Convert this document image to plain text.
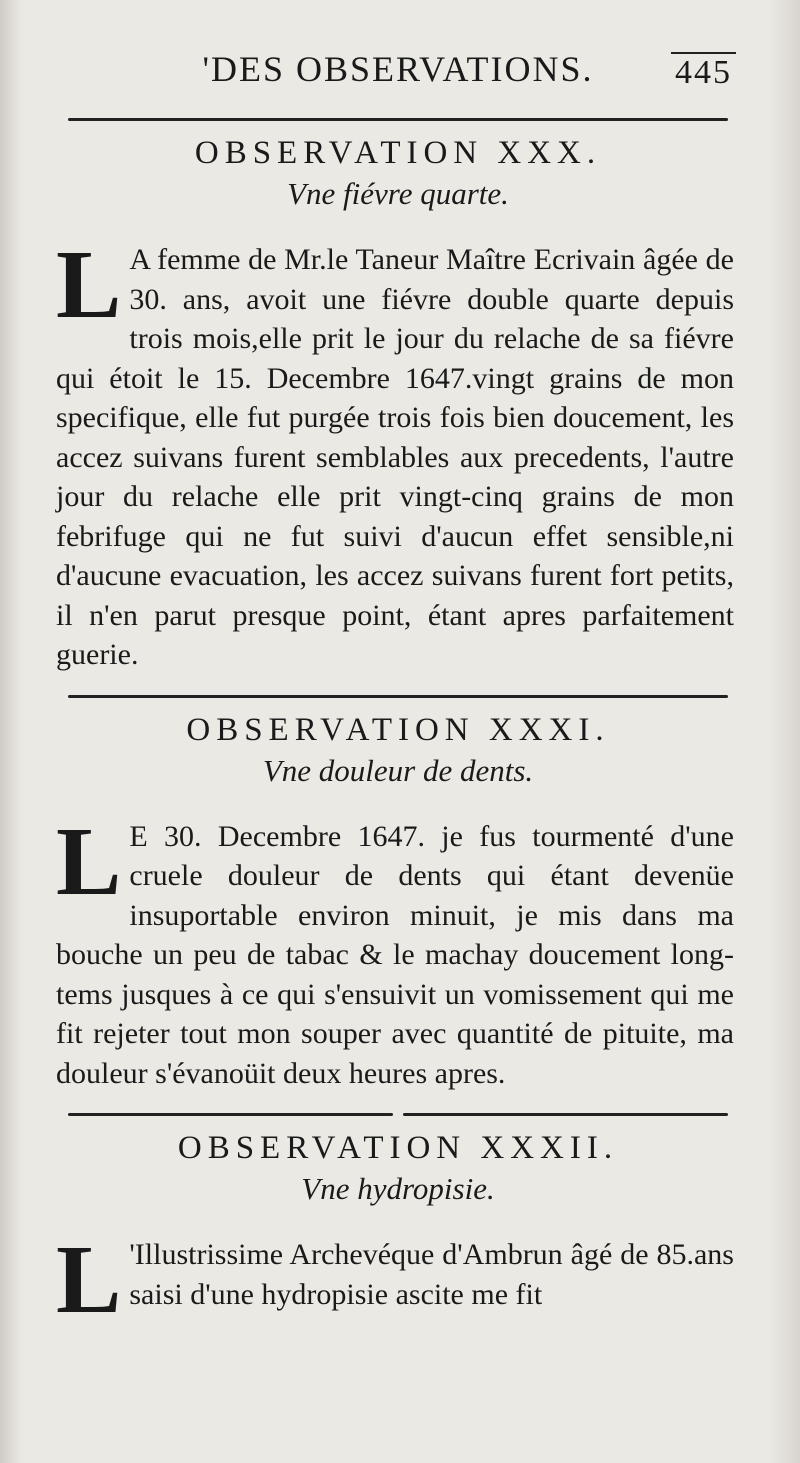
'DES OBSERVATIONS. 445
OBSERVATION XXX.
Vne fiévre quarte.

L A femme de Mr.le Taneur Maître Ecrivain âgée de 30. ans, avoit une fiévre double quarte depuis trois mois,elle prit le jour du relache de sa fiévre qui étoit le 15. Decembre 1647.vingt grains de mon specifique, elle fut purgée trois fois bien doucement, les accez suivans furent semblables aux precedents, l'autre jour du relache elle prit vingt-cinq grains de mon febrifuge qui ne fut suivi d'aucun effet sensible,ni d'aucune evacuation, les accez suivans furent fort petits, il n'en parut presque point, étant apres parfaitement guerie.

OBSERVATION XXXI.
Vne douleur de dents.

L E 30. Decembre 1647. je fus tourmenté d'une cruele douleur de dents qui étant devenüe insuportable environ minuit, je mis dans ma bouche un peu de tabac & le machay doucement long-tems jusques à ce qui s'ensuivit un vomissement qui me fit rejeter tout mon souper avec quantité de pituite, ma douleur s'évanoüit deux heures apres.

OBSERVATION XXXII.
Vne hydropisie.

L 'Illustrissime Archevéque d'Ambrun âgé de 85.ans saisi d'une hydropisie ascite me fit
